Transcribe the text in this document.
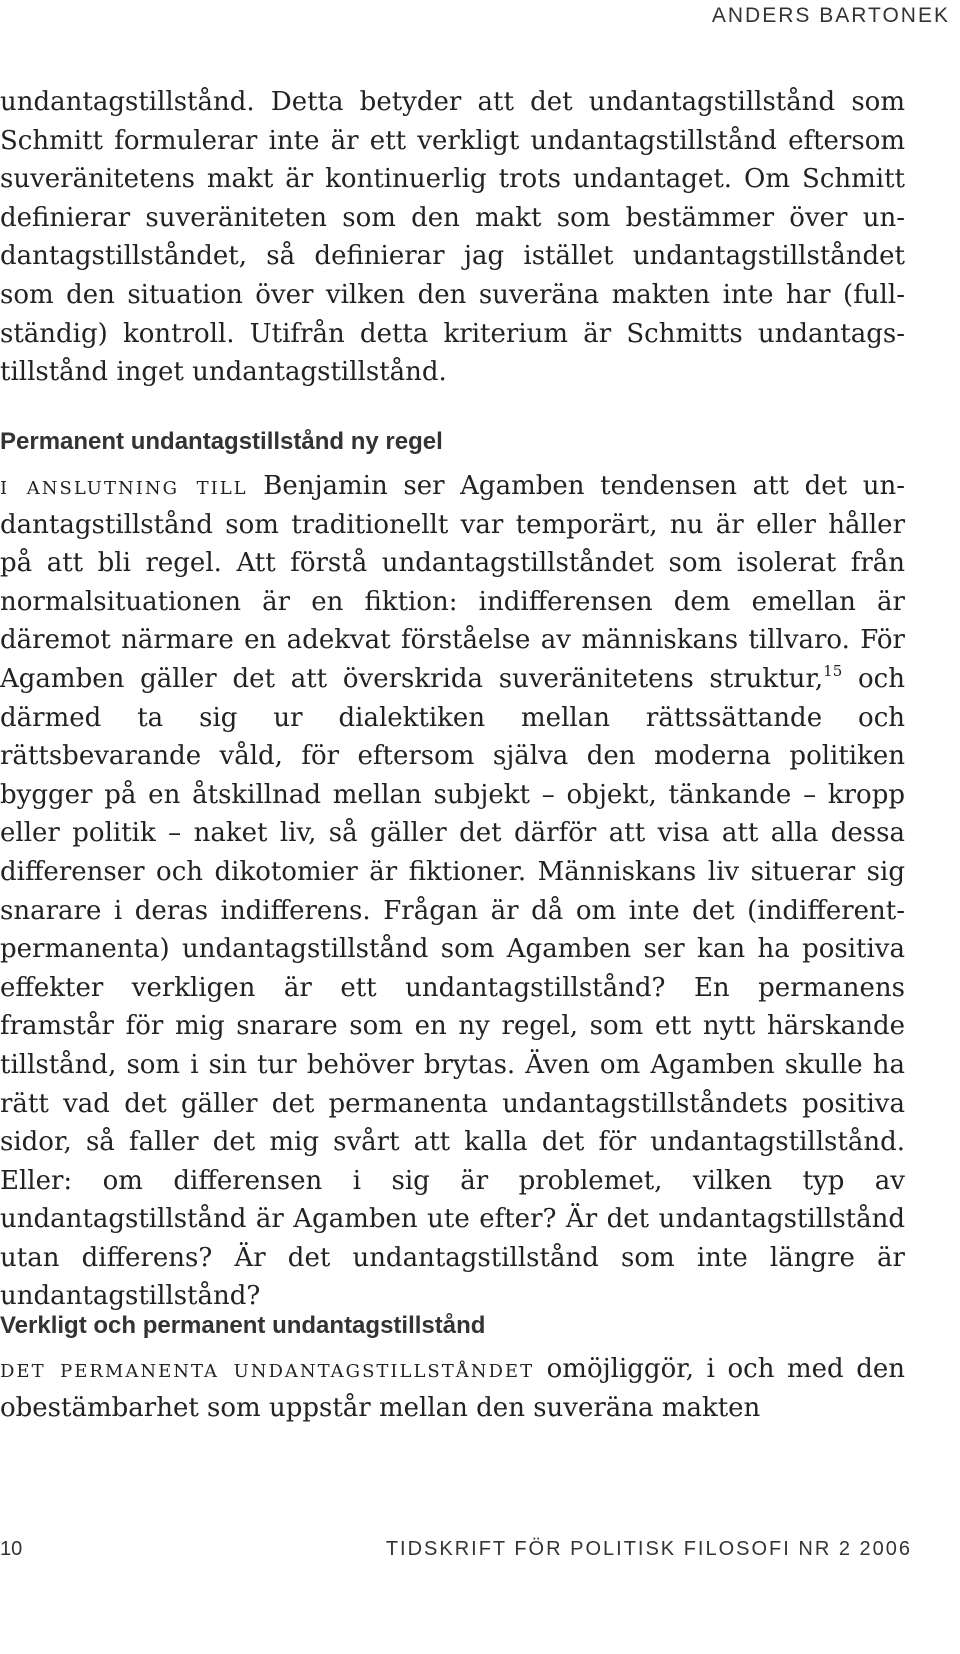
ANDERS BARTONEK

undantagstillstånd. Detta betyder att det undantagstillstånd som Schmitt formulerar inte är ett verkligt undantagstillstånd eftersom suveränitetens makt är kontinuerlig trots undantaget. Om Schmitt definierar suveräniteten som den makt som bestämmer över undantagstillståndet, så definierar jag istället undantagstillståndet som den situation över vilken den suveräna makten inte har (fullständig) kontroll. Utifrån detta kriterium är Schmitts undantagstillstånd inget undantagstillstånd.

Permanent undantagstillstånd ny regel

i anslutning till Benjamin ser Agamben tendensen att det undantagstillstånd som traditionellt var temporärt, nu är eller håller på att bli regel. Att förstå undantagstillståndet som isolerat från normalsituationen är en fiktion: indifferensen dem emellan är däremot närmare en adekvat förståelse av människans tillvaro. För Agamben gäller det att överskrida suveränitetens struktur,$^{15}$ och därmed ta sig ur dialektiken mellan rättssättande och rättsbevarande våld, för eftersom själva den moderna politiken bygger på en åtskillnad mellan subjekt – objekt, tänkande – kropp eller politik – naket liv, så gäller det därför att visa att alla dessa differenser och dikotomier är fiktioner. Människans liv situerar sig snarare i deras indifferens. Frågan är då om inte det (indifferent-permanenta) undantagstillstånd som Agamben ser kan ha positiva effekter verkligen är ett undantagstillstånd? En permanens framstår för mig snarare som en ny regel, som ett nytt härskande tillstånd, som i sin tur behöver brytas. Även om Agamben skulle ha rätt vad det gäller det permanenta undantagstillståndets positiva sidor, så faller det mig svårt att kalla det för undantagstillstånd. Eller: om differensen i sig är problemet, vilken typ av undantagstillstånd är Agamben ute efter? Är det undantagstillstånd utan differens? Är det undantagstillstånd som inte längre är undantagstillstånd?

Verkligt och permanent undantagstillstånd

det permanenta undantagstillståndet omöjliggör, i och med den obestämbarhet som uppstår mellan den suveräna makten

10	TIDSKRIFT FÖR POLITISK FILOSOFI NR 2 2006
